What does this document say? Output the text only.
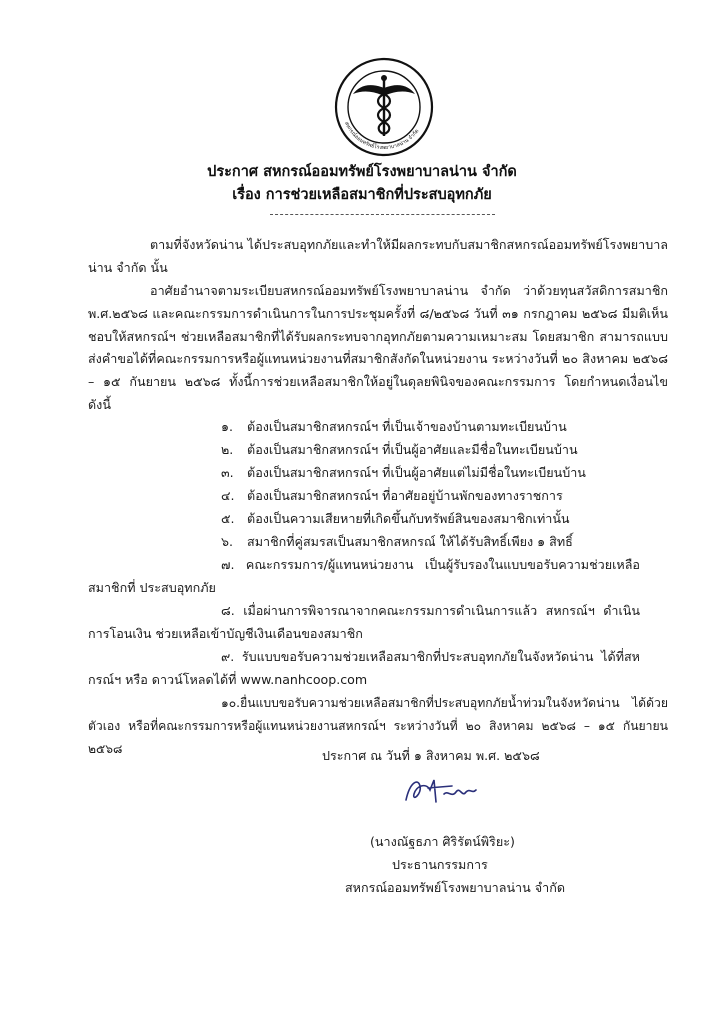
สหกรณ์ออมทรัพย์โรงพยาบาลน่าน จำกัด
ประกาศ สหกรณ์ออมทรัพย์โรงพยาบาลน่าน จำกัด
เรื่อง การช่วยเหลือสมาชิกที่ประสบอุทกภัย
ตามที่จังหวัดน่าน ได้ประสบอุทกภัยและทำให้มีผลกระทบกับสมาชิกสหกรณ์ออมทรัพย์โรงพยาบาล น่าน จำกัด นั้น
อาศัยอำนาจตามระเบียบสหกรณ์ออมทรัพย์โรงพยาบาลน่าน จำกัด ว่าด้วยทุนสวัสดิการสมาชิก พ.ศ.๒๕๖๘ และคณะกรรมการดำเนินการในการประชุมครั้งที่ ๘/๒๕๖๘ วันที่ ๓๑ กรกฎาคม ๒๕๖๘ มีมติเห็นชอบให้สหกรณ์ฯ ช่วยเหลือสมาชิกที่ได้รับผลกระทบจากอุทกภัยตามความเหมาะสม โดยสมาชิก สามารถแบบส่งคำขอได้ที่คณะกรรมการหรือผู้แทนหน่วยงานที่สมาชิกสังกัดในหน่วยงาน ระหว่างวันที่ ๒๐ สิงหาคม ๒๕๖๘ – ๑๕ กันยายน ๒๕๖๘ ทั้งนี้การช่วยเหลือสมาชิกให้อยู่ในดุลยพินิจของคณะกรรมการ โดยกำหนดเงื่อนไข ดังนี้
๑. ต้องเป็นสมาชิกสหกรณ์ฯ ที่เป็นเจ้าของบ้านตามทะเบียนบ้าน
๒. ต้องเป็นสมาชิกสหกรณ์ฯ ที่เป็นผู้อาศัยและมีชื่อในทะเบียนบ้าน
๓. ต้องเป็นสมาชิกสหกรณ์ฯ ที่เป็นผู้อาศัยแต่ไม่มีชื่อในทะเบียนบ้าน
๔. ต้องเป็นสมาชิกสหกรณ์ฯ ที่อาศัยอยู่บ้านพักของทางราชการ
๕. ต้องเป็นความเสียหายที่เกิดขึ้นกับทรัพย์สินของสมาชิกเท่านั้น
๖. สมาชิกที่คู่สมรสเป็นสมาชิกสหกรณ์ ให้ได้รับสิทธิ์เพียง ๑ สิทธิ์
๗. คณะกรรมการ/ผู้แทนหน่วยงาน เป็นผู้รับรองในแบบขอรับความช่วยเหลือสมาชิกที่ ประสบอุทกภัย
๘. เมื่อผ่านการพิจารณาจากคณะกรรมการดำเนินการแล้ว สหกรณ์ฯ ดำเนินการโอนเงิน ช่วยเหลือเข้าบัญชีเงินเดือนของสมาชิก
๙. รับแบบขอรับความช่วยเหลือสมาชิกที่ประสบอุทกภัยในจังหวัดน่าน ได้ที่สหกรณ์ฯ หรือ ดาวน์โหลดได้ที่ www.nanhcoop.com
๑๐.ยื่นแบบขอรับความช่วยเหลือสมาชิกที่ประสบอุทกภัยน้ำท่วมในจังหวัดน่าน ได้ด้วยตัวเอง หรือที่คณะกรรมการหรือผู้แทนหน่วยงานสหกรณ์ฯ ระหว่างวันที่ ๒๐ สิงหาคม ๒๕๖๘ – ๑๕ กันยายน ๒๕๖๘	ประกาศ ณ วันที่ ๑ สิงหาคม พ.ศ. ๒๕๖๘
(นางณัฐธภา ศิริรัตน์พิริยะ)
ประธานกรรมการ
สหกรณ์ออมทรัพย์โรงพยาบาลน่าน จำกัด
